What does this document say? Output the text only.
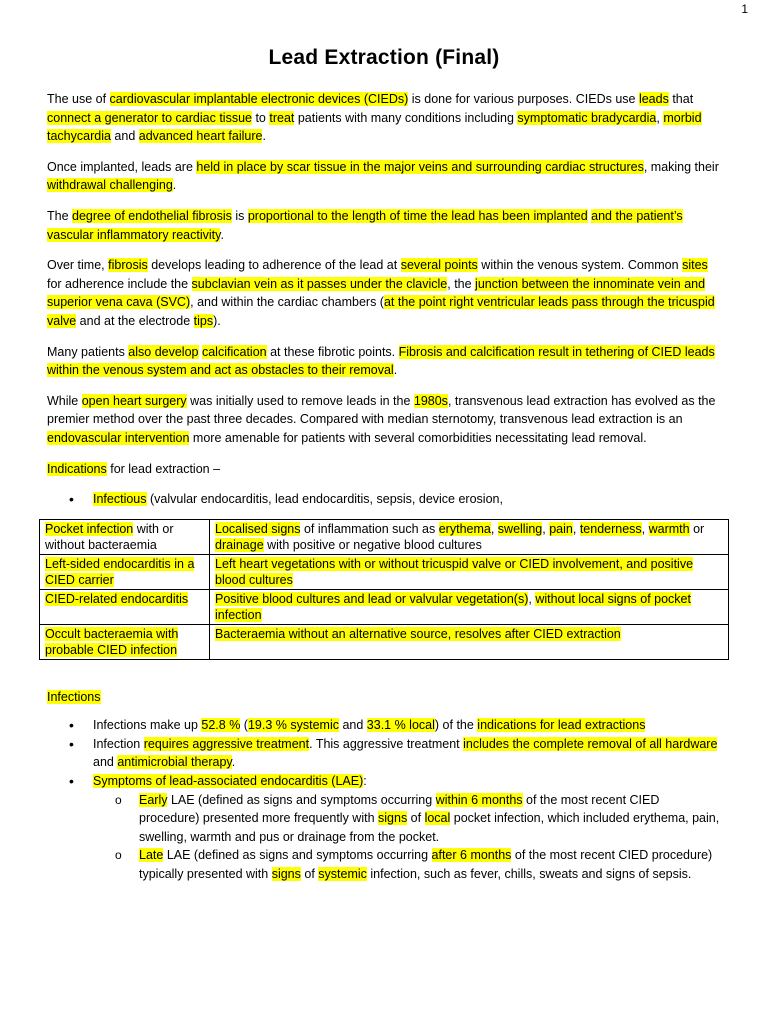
1
Lead Extraction (Final)

The use of cardiovascular implantable electronic devices (CIEDs) is done for various purposes. CIEDs use leads that connect a generator to cardiac tissue to treat patients with many conditions including symptomatic bradycardia, morbid tachycardia and advanced heart failure.

Once implanted, leads are held in place by scar tissue in the major veins and surrounding cardiac structures, making their withdrawal challenging.

The degree of endothelial fibrosis is proportional to the length of time the lead has been implanted and the patient’s vascular inflammatory reactivity.

Over time, fibrosis develops leading to adherence of the lead at several points within the venous system. Common sites for adherence include the subclavian vein as it passes under the clavicle, the junction between the innominate vein and superior vena cava (SVC), and within the cardiac chambers (at the point right ventricular leads pass through the tricuspid valve and at the electrode tips).

Many patients also develop calcification at these fibrotic points. Fibrosis and calcification result in tethering of CIED leads within the venous system and act as obstacles to their removal.

While open heart surgery was initially used to remove leads in the 1980s, transvenous lead extraction has evolved as the premier method over the past three decades. Compared with median sternotomy, transvenous lead extraction is an endovascular intervention more amenable for patients with several comorbidities necessitating lead removal.

Indications for lead extraction –

• Infectious (valvular endocarditis, lead endocarditis, sepsis, device erosion,
Pocket infection with or without bacteraemia	Localised signs of inflammation such as erythema, swelling, pain, tenderness, warmth or drainage with positive or negative blood cultures
Left-sided endocarditis in a CIED carrier	Left heart vegetations with or without tricuspid valve or CIED involvement, and positive blood cultures
CIED-related endocarditis	Positive blood cultures and lead or valvular vegetation(s), without local signs of pocket infection
Occult bacteraemia with probable CIED infection	Bacteraemia without an alternative source, resolves after CIED extraction

Infections

• Infections make up 52.8 % (19.3 % systemic and 33.1 % local) of the indications for lead extractions
• Infection requires aggressive treatment. This aggressive treatment includes the complete removal of all hardware and antimicrobial therapy.
• Symptoms of lead-associated endocarditis (LAE):
o Early LAE (defined as signs and symptoms occurring within 6 months of the most recent CIED procedure) presented more frequently with signs of local pocket infection, which included erythema, pain, swelling, warmth and pus or drainage from the pocket.
o Late LAE (defined as signs and symptoms occurring after 6 months of the most recent CIED procedure) typically presented with signs of systemic infection, such as fever, chills, sweats and signs of sepsis.
